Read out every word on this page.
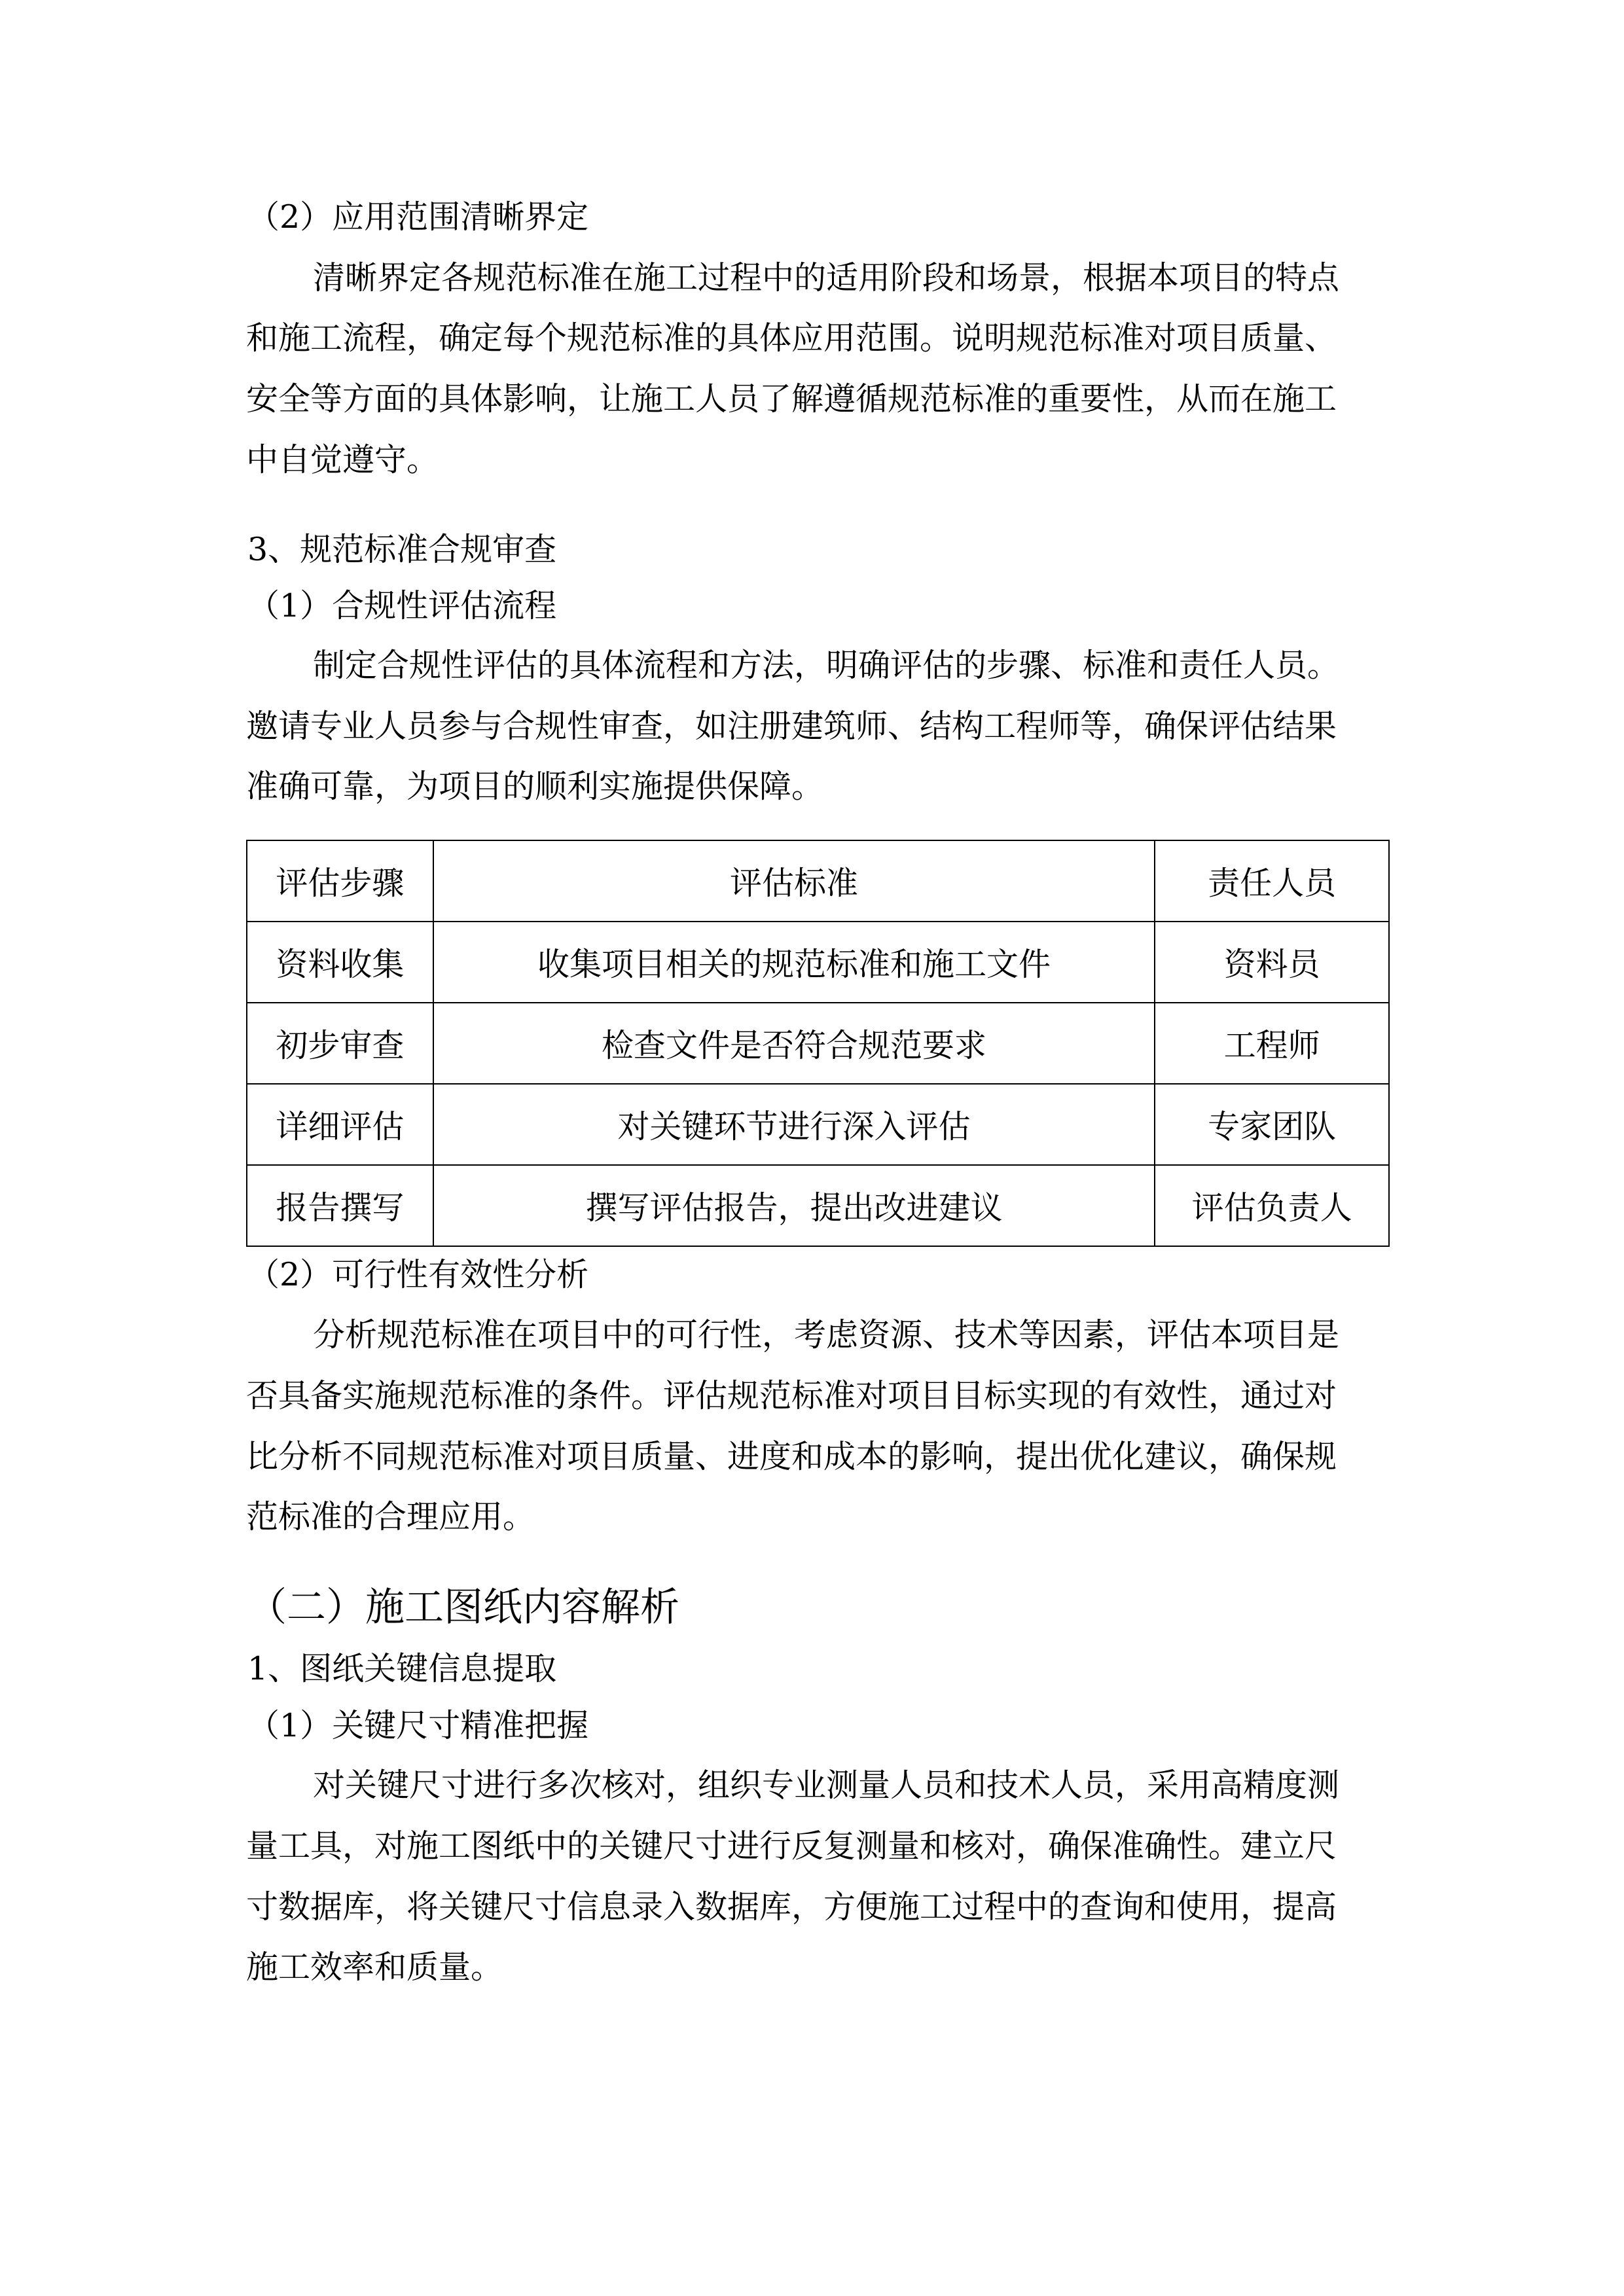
（2）应用范围清晰界定
清晰界定各规范标准在施工过程中的适用阶段和场景，根据本项目的特点
和施工流程，确定每个规范标准的具体应用范围。说明规范标准对项目质量、
安全等方面的具体影响，让施工人员了解遵循规范标准的重要性，从而在施工
中自觉遵守。
3、规范标准合规审查
（1）合规性评估流程
制定合规性评估的具体流程和方法，明确评估的步骤、标准和责任人员。
邀请专业人员参与合规性审查，如注册建筑师、结构工程师等，确保评估结果
准确可靠，为项目的顺利实施提供保障。
评估步骤	评估标准	责任人员
资料收集	收集项目相关的规范标准和施工文件	资料员
初步审查	检查文件是否符合规范要求	工程师
详细评估	对关键环节进行深入评估	专家团队
报告撰写	撰写评估报告，提出改进建议	评估负责人
（2）可行性有效性分析
分析规范标准在项目中的可行性，考虑资源、技术等因素，评估本项目是
否具备实施规范标准的条件。评估规范标准对项目目标实现的有效性，通过对
比分析不同规范标准对项目质量、进度和成本的影响，提出优化建议，确保规
范标准的合理应用。
（二）施工图纸内容解析
1、图纸关键信息提取
（1）关键尺寸精准把握
对关键尺寸进行多次核对，组织专业测量人员和技术人员，采用高精度测
量工具，对施工图纸中的关键尺寸进行反复测量和核对，确保准确性。建立尺
寸数据库，将关键尺寸信息录入数据库，方便施工过程中的查询和使用，提高
施工效率和质量。
